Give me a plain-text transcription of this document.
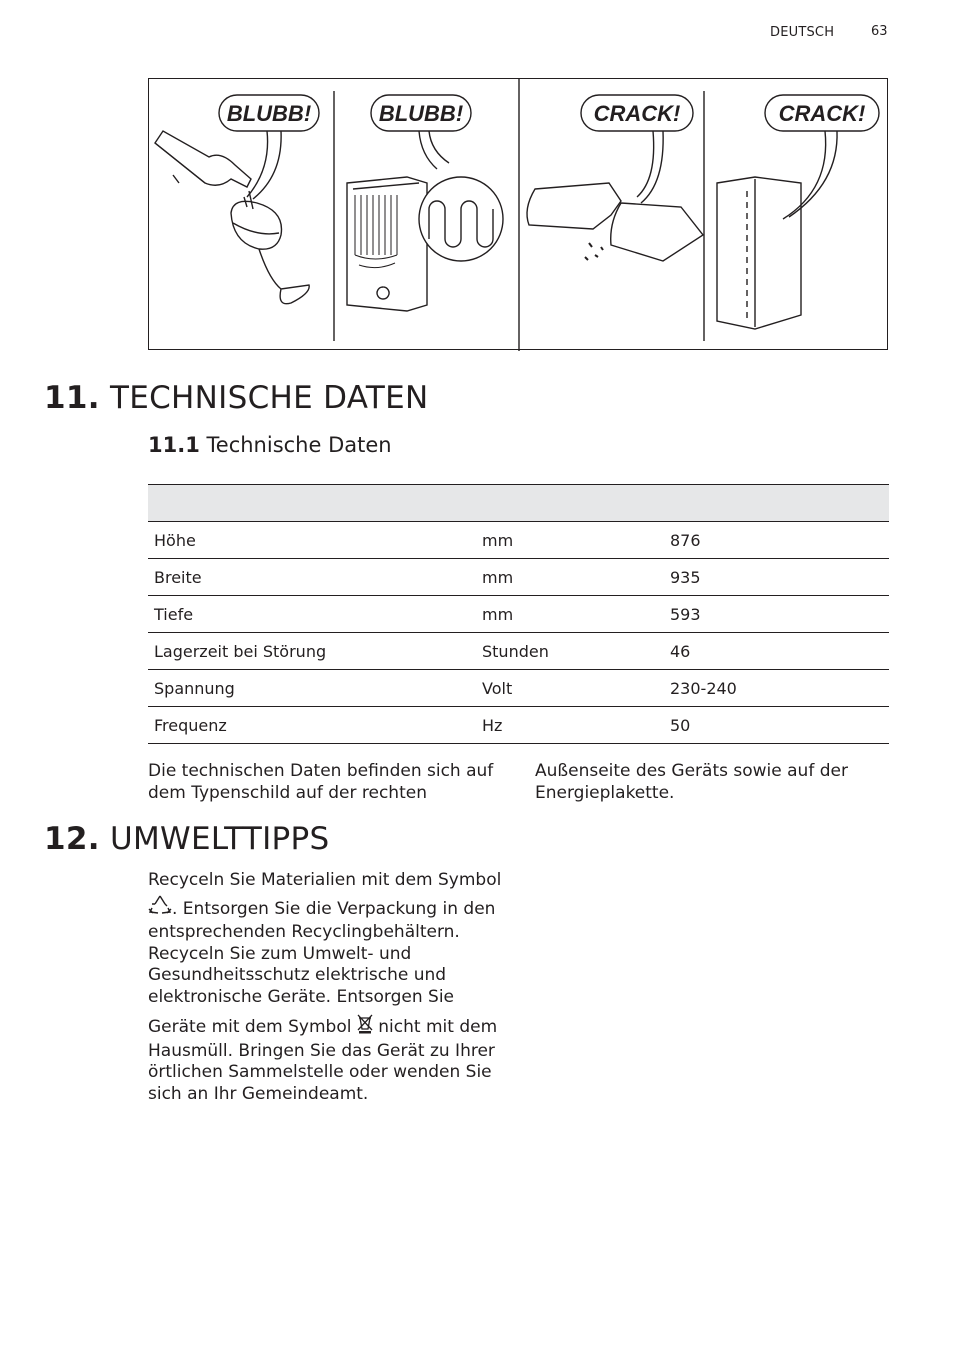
DEUTSCH	63
BLUBB!	BLUBB!	CRACK!	CRACK!
11. TECHNISCHE DATEN
11.1 Technische Daten

Höhe	mm	876
Breite	mm	935
Tiefe	mm	593
Lagerzeit bei Störung	Stunden	46
Spannung	Volt	230-240
Frequenz	Hz	50

Die technischen Daten befinden sich auf
dem Typenschild auf der rechten

Außenseite des Geräts sowie auf der
Energieplakette.

12. UMWELTTIPPS
Recyceln Sie Materialien mit dem Symbol
. Entsorgen Sie die Verpackung in den
entsprechenden Recyclingbehältern.
Recyceln Sie zum Umwelt- und
Gesundheitsschutz elektrische und
elektronische Geräte. Entsorgen Sie
Geräte mit dem Symbol nicht mit dem
Hausmüll. Bringen Sie das Gerät zu Ihrer
örtlichen Sammelstelle oder wenden Sie
sich an Ihr Gemeindeamt.
